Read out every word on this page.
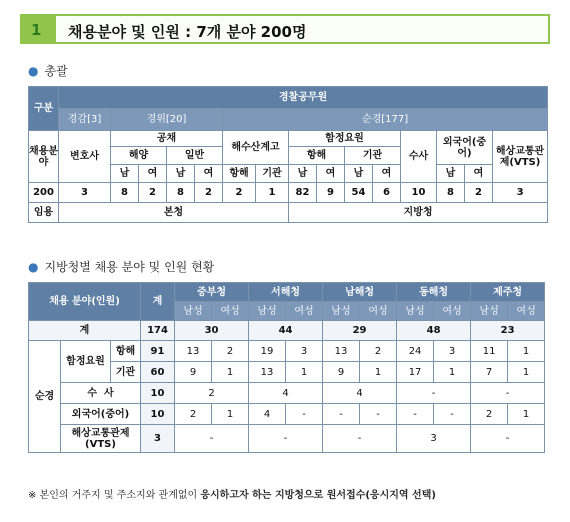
1	채용분야 및 인원 : 7개 분야 200명
● 총괄
구분	경찰공무원														
	경감[3]	경위[20]				순경[177]									
채용분야	변호사	공채				해수산계고		함정요원				수사	외국어(중어)		해상교통관제(VTS)
		해양		일반				항해		기관					
		남	여	남	여	항해	기관	남	여	남	여		남	여	
200	3	8	2	8	2	2	1	82	9	54	6	10	8	2	3
임용	본청							지방청							
● 지방청별 채용 분야 및 인원 현황
채용 분야(인원)			계	중부청		서해청		남해청		동해청		제주청	
				남성	여성	남성	여성	남성	여성	남성	여성	남성	여성
계			174	30		44		29		48		23	
순경	함정요원	항해	91	13	2	19	3	13	2	24	3	11	1
		기관	60	9	1	13	1	9	1	17	1	7	1
	수  사		10	2		4		4		-		-	
	외국어(중어)		10	2	1	4	-	-	-	-	-	2	1
	해상교통관제(VTS)		3	-		-		-		3		-	
※ 본인의 거주지 및 주소지와 관계없이 응시하고자 하는 지방청으로 원서접수(응시지역 선택)
